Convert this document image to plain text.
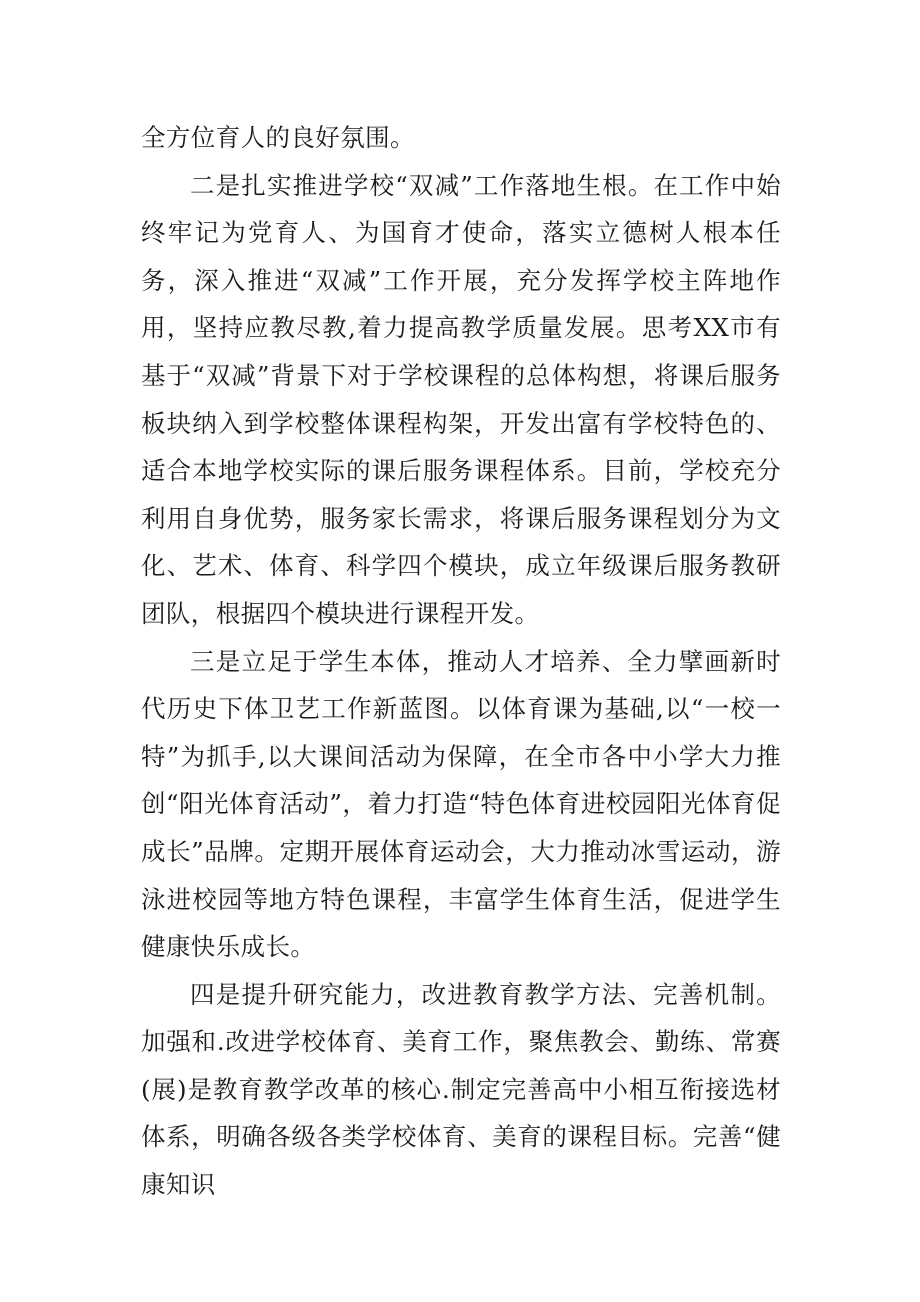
全方位育人的良好氛围。

二是扎实推进学校“双减”工作落地生根。在工作中始终牢记为党育人、为国育才使命，落实立德树人根本任务，深入推进“双减”工作开展，充分发挥学校主阵地作用，坚持应教尽教,着力提高教学质量发展。思考XX市有基于“双减”背景下对于学校课程的总体构想，将课后服务板块纳入到学校整体课程构架，开发出富有学校特色的、适合本地学校实际的课后服务课程体系。目前，学校充分利用自身优势，服务家长需求，将课后服务课程划分为文化、艺术、体育、科学四个模块，成立年级课后服务教研团队，根据四个模块进行课程开发。

三是立足于学生本体，推动人才培养、全力擘画新时代历史下体卫艺工作新蓝图。以体育课为基础,以“一校一特”为抓手,以大课间活动为保障，在全市各中小学大力推创“阳光体育活动”，着力打造“特色体育进校园阳光体育促成长”品牌。定期开展体育运动会，大力推动冰雪运动，游泳进校园等地方特色课程，丰富学生体育生活，促进学生健康快乐成长。

四是提升研究能力，改进教育教学方法、完善机制。加强和.改进学校体育、美育工作，聚焦教会、勤练、常赛(展)是教育教学改革的核心.制定完善高中小相互衔接选材体系，明确各级各类学校体育、美育的课程目标。完善“健康知识
